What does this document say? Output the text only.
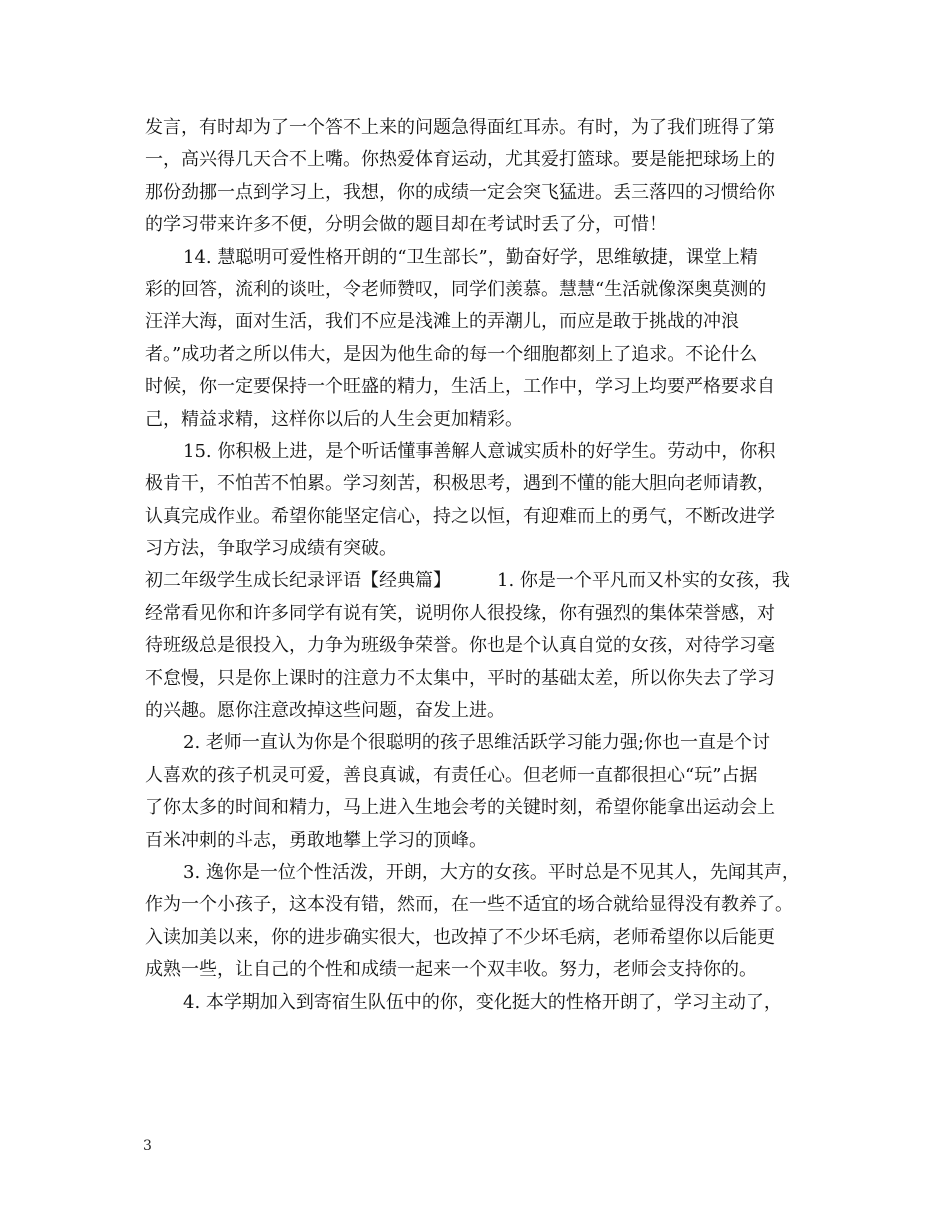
发言，有时却为了一个答不上来的问题急得面红耳赤。有时，为了我们班得了第
一，高兴得几天合不上嘴。你热爱体育运动，尤其爱打篮球。要是能把球场上的
那份劲挪一点到学习上，我想，你的成绩一定会突飞猛进。丢三落四的习惯给你
的学习带来许多不便，分明会做的题目却在考试时丢了分，可惜！
14. 慧聪明可爱性格开朗的“卫生部长”，勤奋好学，思维敏捷，课堂上精
彩的回答，流利的谈吐，令老师赞叹，同学们羡慕。慧慧“生活就像深奥莫测的
汪洋大海，面对生活，我们不应是浅滩上的弄潮儿，而应是敢于挑战的冲浪
者。”成功者之所以伟大，是因为他生命的每一个细胞都刻上了追求。不论什么
时候，你一定要保持一个旺盛的精力，生活上，工作中，学习上均要严格要求自
己，精益求精，这样你以后的人生会更加精彩。
15. 你积极上进，是个听话懂事善解人意诚实质朴的好学生。劳动中，你积
极肯干，不怕苦不怕累。学习刻苦，积极思考，遇到不懂的能大胆向老师请教，
认真完成作业。希望你能坚定信心，持之以恒，有迎难而上的勇气，不断改进学
习方法，争取学习成绩有突破。
初二年级学生成长纪录评语【经典篇】	1. 你是一个平凡而又朴实的女孩，我
经常看见你和许多同学有说有笑，说明你人很投缘，你有强烈的集体荣誉感，对
待班级总是很投入，力争为班级争荣誉。你也是个认真自觉的女孩，对待学习毫
不怠慢，只是你上课时的注意力不太集中，平时的基础太差，所以你失去了学习
的兴趣。愿你注意改掉这些问题，奋发上进。
2. 老师一直认为你是个很聪明的孩子思维活跃学习能力强;你也一直是个讨
人喜欢的孩子机灵可爱，善良真诚，有责任心。但老师一直都很担心“玩”占据
了你太多的时间和精力，马上进入生地会考的关键时刻，希望你能拿出运动会上
百米冲刺的斗志，勇敢地攀上学习的顶峰。
3. 逸你是一位个性活泼，开朗，大方的女孩。平时总是不见其人，先闻其声，
作为一个小孩子，这本没有错，然而，在一些不适宜的场合就给显得没有教养了。
入读加美以来，你的进步确实很大，也改掉了不少坏毛病，老师希望你以后能更
成熟一些，让自己的个性和成绩一起来一个双丰收。努力，老师会支持你的。
4. 本学期加入到寄宿生队伍中的你，变化挺大的性格开朗了，学习主动了，
3
